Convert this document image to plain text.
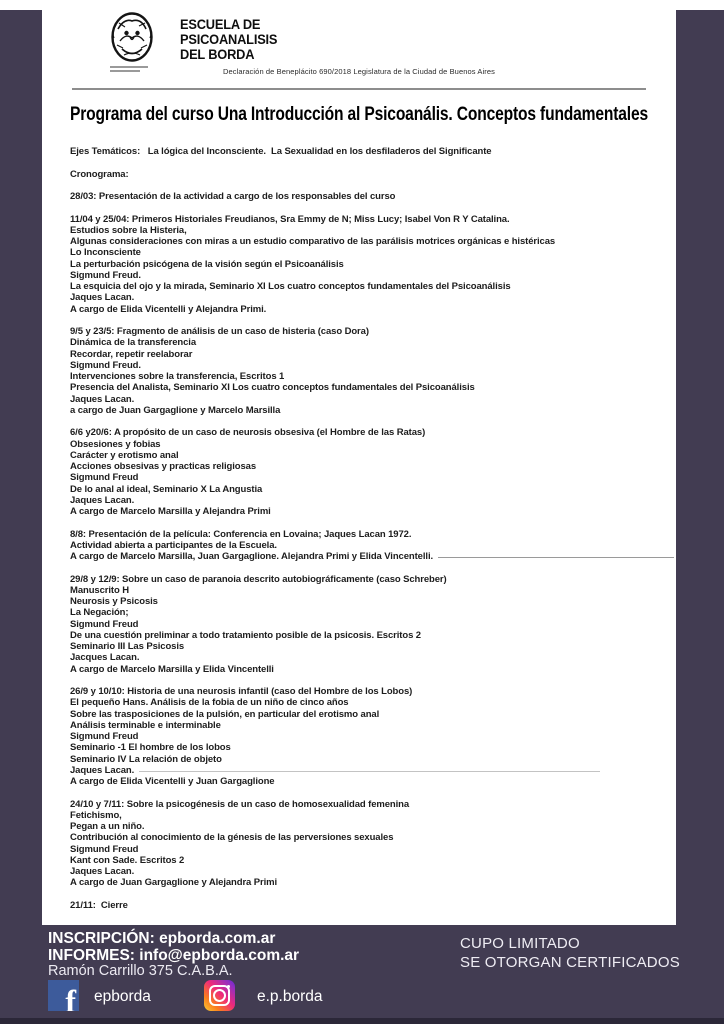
ESCUELA DE
PSICOANALISIS
DEL BORDA
Declaración de Beneplácito 690/2018 Legislatura de la Ciudad de Buenos Aires
Programa del curso Una Introducción al Psicoanális. Conceptos fundamentales
Ejes Temáticos:   La lógica del Inconsciente.  La Sexualidad en los desfiladeros del Significante
Cronograma:
28/03: Presentación de la actividad a cargo de los responsables del curso
11/04 y 25/04: Primeros Historiales Freudianos, Sra Emmy de N; Miss Lucy; Isabel Von R Y Catalina.
Estudios sobre la Histeria,
Algunas consideraciones con miras a un estudio comparativo de las parálisis motrices orgánicas e histéricas
Lo Inconsciente
La perturbación psicógena de la visión según el Psicoanálisis
Sigmund Freud.
La esquicia del ojo y la mirada, Seminario XI Los cuatro conceptos fundamentales del Psicoanálisis
Jaques Lacan.
A cargo de Elida Vicentelli y Alejandra Primi.
9/5 y 23/5: Fragmento de análisis de un caso de histeria (caso Dora)
Dinámica de la transferencia
Recordar, repetir reelaborar
Sigmund Freud.
Intervenciones sobre la transferencia, Escritos 1
Presencia del Analista, Seminario XI Los cuatro conceptos fundamentales del Psicoanálisis
Jaques Lacan.
a cargo de Juan Gargaglione y Marcelo Marsilla
6/6 y20/6: A propósito de un caso de neurosis obsesiva (el Hombre de las Ratas)
Obsesiones y fobias
Carácter y erotismo anal
Acciones obsesivas y practicas religiosas
Sigmund Freud
De lo anal al ideal, Seminario X La Angustia
Jaques Lacan.
A cargo de Marcelo Marsilla y Alejandra Primi
8/8: Presentación de la película: Conferencia en Lovaina; Jaques Lacan 1972.
Actividad abierta a participantes de la Escuela.
A cargo de Marcelo Marsilla, Juan Gargaglione. Alejandra Primi y Elida Vincentelli.
29/8 y 12/9: Sobre un caso de paranoia descrito autobiográficamente (caso Schreber)
Manuscrito H
Neurosis y Psicosis
La Negación;
Sigmund Freud
De una cuestión preliminar a todo tratamiento posible de la psicosis. Escritos 2
Seminario III Las Psicosis
Jacques Lacan.
A cargo de Marcelo Marsilla y Elida Vincentelli
26/9 y 10/10: Historia de una neurosis infantil (caso del Hombre de los Lobos)
El pequeño Hans. Análisis de la fobia de un niño de cinco años
Sobre las trasposiciones de la pulsión, en particular del erotismo anal
Análisis terminable e interminable
Sigmund Freud
Seminario -1 El hombre de los lobos
Seminario IV La relación de objeto
Jaques Lacan.
A cargo de Elida Vicentelli y Juan Gargaglione
24/10 y 7/11: Sobre la psicogénesis de un caso de homosexualidad femenina
Fetichismo,
Pegan a un niño.
Contribución al conocimiento de la génesis de las perversiones sexuales
Sigmund Freud
Kant con Sade. Escritos 2
Jaques Lacan.
A cargo de Juan Gargaglione y Alejandra Primi
21/11:  Cierre
INSCRIPCIÓN: epborda.com.ar
INFORMES: info@epborda.com.ar
Ramón Carrillo 375 C.A.B.A.
CUPO LIMITADO
SE OTORGAN CERTIFICADOS
f epborda	e.p.borda
